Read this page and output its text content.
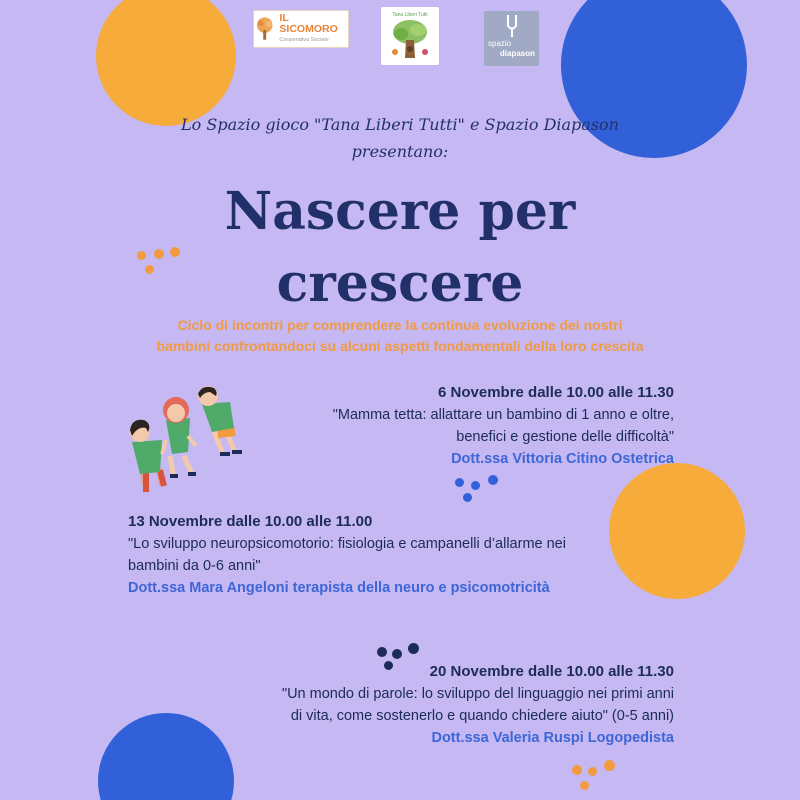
IL SICOMORO
Cooperativa Sociale
Tana Liberi Tutti
spazio
diapason
Lo Spazio gioco "Tana Liberi Tutti" e Spazio Diapason
presentano:
Nascere per
crescere
Ciclo di incontri per comprendere la continua evoluzione dei nostri
bambini confrontandoci su alcuni aspetti fondamentali della loro crescita
6 Novembre dalle 10.00 alle 11.30
"Mamma tetta: allattare un bambino di 1 anno e oltre,
benefici e gestione delle difficoltà"
Dott.ssa Vittoria Citino Ostetrica
13 Novembre dalle 10.00 alle 11.00
"Lo sviluppo neuropsicomotorio: fisiologia e campanelli d’allarme nei
bambini da 0-6 anni"
Dott.ssa Mara Angeloni terapista della neuro e psicomotricità
20 Novembre dalle 10.00 alle 11.30
"Un mondo di parole: lo sviluppo del linguaggio nei primi anni
di vita, come sostenerlo e quando chiedere aiuto" (0-5 anni)
Dott.ssa Valeria Ruspi Logopedista
